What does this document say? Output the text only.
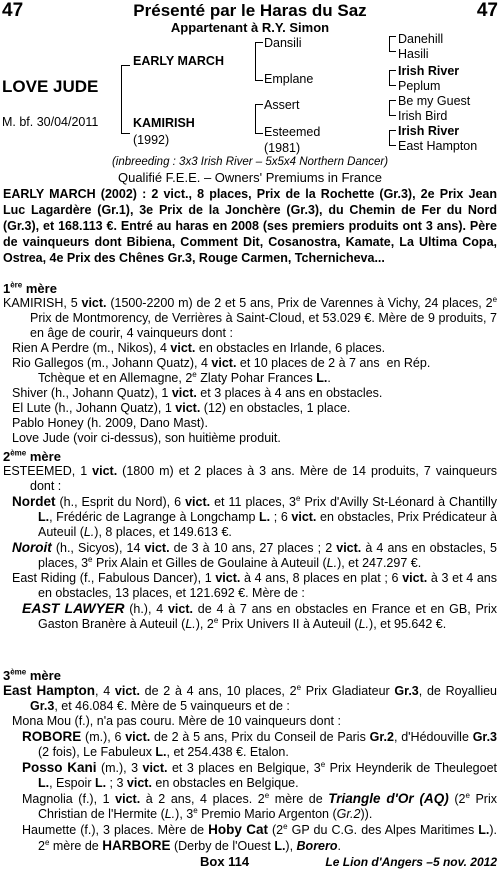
47	Présenté par le Haras du Saz	47
Appartenant à R.Y. Simon
LOVE JUDE
M. bf. 30/04/2011
EARLY MARCH
KAMIRISH
(1992)
Dansili
Emplane
Assert
Esteemed
(1981)
Danehill
Hasili
Irish River
Peplum
Be my Guest
Irish Bird
Irish River
East Hampton
(inbreeding : 3x3 Irish River – 5x5x4 Northern Dancer)
Qualifié F.E.E. – Owners' Premiums in France

EARLY MARCH (2002) : 2 vict., 8 places, Prix de la Rochette (Gr.3), 2e Prix Jean Luc Lagardère (Gr.1), 3e Prix de la Jonchère (Gr.3), du Chemin de Fer du Nord (Gr.3), et 168.113 €. Entré au haras en 2008 (ses premiers produits ont 3 ans). Père de vainqueurs dont Bibiena, Comment Dit, Cosanostra, Kamate, La Ultima Copa, Ostrea, 4e Prix des Chênes Gr.3, Rouge Carmen, Tchernicheva...

1ère mère

KAMIRISH, 5 vict. (1500-2200 m) de 2 et 5 ans, Prix de Varennes à Vichy, 24 places, 2e Prix de Montmorency, de Verrières à Saint-Cloud, et 53.029 €. Mère de 9 produits, 7 en âge de courir, 4 vainqueurs dont :

Rien A Perdre (m., Nikos), 4 vict. en obstacles en Irlande, 6 places.

Rio Gallegos (m., Johann Quatz), 4 vict. et 10 places de 2 à 7 ans  en Rép.

Tchèque et en Allemagne, 2e Zlaty Pohar Frances L..

Shiver (h., Johann Quatz), 1 vict. et 3 places à 4 ans en obstacles.

El Lute (h., Johann Quatz), 1 vict. (12) en obstacles, 1 place.

Pablo Honey (h. 2009, Dano Mast).

Love Jude (voir ci-dessus), son huitième produit.

2ème mère

ESTEEMED, 1 vict. (1800 m) et 2 places à 3 ans. Mère de 14 produits, 7 vainqueurs dont :

Nordet (h., Esprit du Nord), 6 vict. et 11 places, 3e Prix d'Avilly St-Léonard à Chantilly L., Frédéric de Lagrange à Longchamp L. ; 6 vict. en obstacles, Prix Prédicateur à Auteuil (L.), 8 places, et 149.613 €.

Noroit (h., Sicyos), 14 vict. de 3 à 10 ans, 27 places ; 2 vict. à 4 ans en obstacles, 5 places, 3e Prix Alain et Gilles de Goulaine à Auteuil (L.), et 247.297 €.

East Riding (f., Fabulous Dancer), 1 vict. à 4 ans, 8 places en plat ; 6 vict. à 3 et 4 ans en obstacles, 13 places, et 121.692 €. Mère de :

EAST LAWYER (h.), 4 vict. de 4 à 7 ans en obstacles en France et en GB, Prix Gaston Branère à Auteuil (L.), 2e Prix Univers II à Auteuil (L.), et 95.642 €.

3ème mère

East Hampton, 4 vict. de 2 à 4 ans, 10 places, 2e Prix Gladiateur Gr.3, de Royallieu Gr.3, et 46.084 €. Mère de 5 vainqueurs et de :

Mona Mou (f.), n'a pas couru. Mère de 10 vainqueurs dont :

ROBORE (m.), 6 vict. de 2 à 5 ans, Prix du Conseil de Paris Gr.2, d'Hédouville Gr.3 (2 fois), Le Fabuleux L., et 254.438 €. Etalon.

Posso Kani (m.), 3 vict. et 3 places en Belgique, 3e Prix Heynderik de Theulegoet L., Espoir L. ; 3 vict. en obstacles en Belgique.

Magnolia (f.), 1 vict. à 2 ans, 4 places. 2e mère de Triangle d'Or (AQ) (2e Prix Christian de l'Hermite (L.), 3e Premio Mario Argenton (Gr.2)).

Haumette (f.), 3 places. Mère de Hoby Cat (2e GP du C.G. des Alpes Maritimes L.). 2e mère de HARBORE (Derby de l'Ouest L.), Borero.

Box 114	Le Lion d'Angers –5 nov. 2012
